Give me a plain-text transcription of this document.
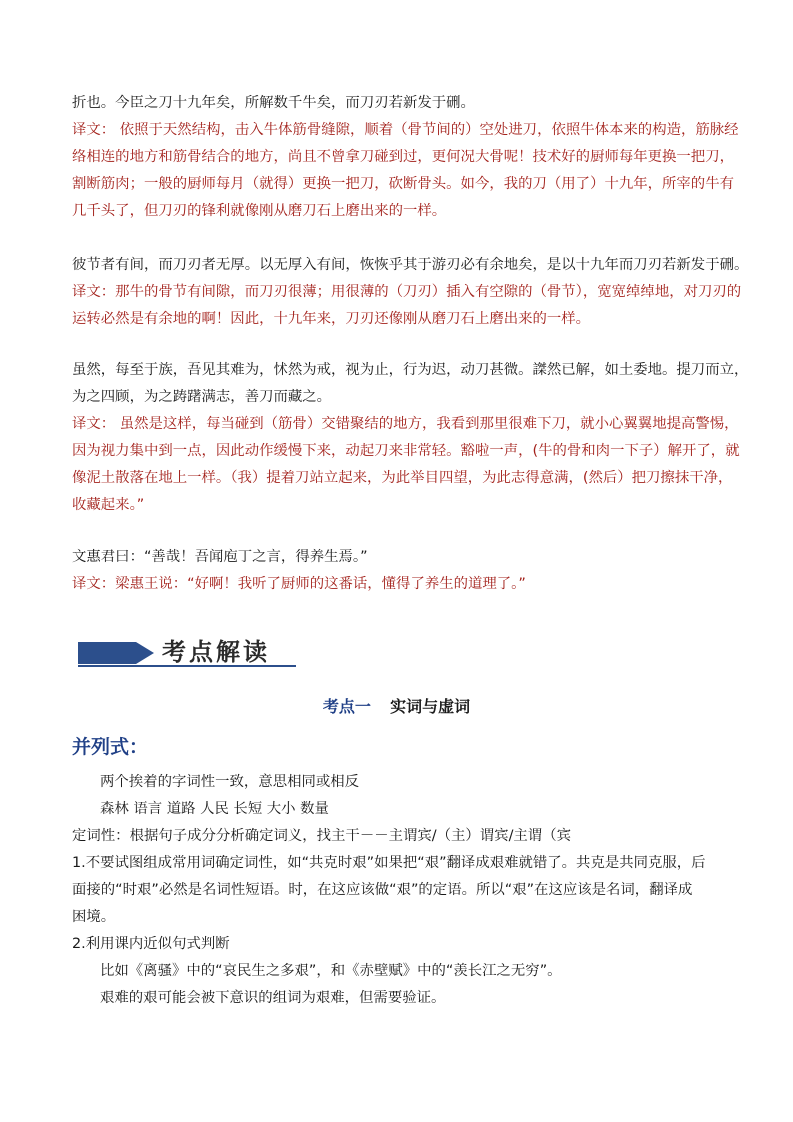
折也。今臣之刀十九年矣，所解数千牛矣，而刀刃若新发于硎。
译文： 依照于天然结构，击入牛体筋骨缝隙，顺着（骨节间的）空处进刀，依照牛体本来的构造，筋脉经
络相连的地方和筋骨结合的地方，尚且不曾拿刀碰到过，更何况大骨呢！技术好的厨师每年更换一把刀，
割断筋肉；一般的厨师每月（就得）更换一把刀，砍断骨头。如今，我的刀（用了）十九年，所宰的牛有
几千头了，但刀刃的锋利就像刚从磨刀石上磨出来的一样。
彼节者有间，而刀刃者无厚。以无厚入有间，恢恢乎其于游刃必有余地矣，是以十九年而刀刃若新发于硎。
译文：那牛的骨节有间隙，而刀刃很薄；用很薄的（刀刃）插入有空隙的（骨节），宽宽绰绰地，对刀刃的
运转必然是有余地的啊！因此，十九年来，刀刃还像刚从磨刀石上磨出来的一样。
虽然，每至于族，吾见其难为，怵然为戒，视为止，行为迟，动刀甚微。謋然已解，如土委地。提刀而立，
为之四顾，为之踌躇满志，善刀而藏之。
译文： 虽然是这样，每当碰到（筋骨）交错聚结的地方，我看到那里很难下刀，就小心翼翼地提高警惕，
因为视力集中到一点，因此动作缓慢下来，动起刀来非常轻。豁啦一声，(牛的骨和肉一下子）解开了，就
像泥土散落在地上一样。（我）提着刀站立起来，为此举目四望，为此志得意满，(然后）把刀擦抹干净，
收藏起来。”
文惠君曰：“善哉！吾闻庖丁之言，得养生焉。”
译文：梁惠王说：“好啊！我听了厨师的这番话，懂得了养生的道理了。”
考点解读
考点一 实词与虚词
并列式：
两个挨着的字词性一致，意思相同或相反
森林 语言 道路 人民 长短 大小 数量
定词性：根据句子成分分析确定词义，找主干－－主谓宾/（主）谓宾/主谓（宾
1.不要试图组成常用词确定词性，如“共克时艰”如果把“艰”翻译成艰难就错了。共克是共同克服，后
面接的“时艰”必然是名词性短语。时，在这应该做“艰”的定语。所以“艰”在这应该是名词，翻译成
困境。
2.利用课内近似句式判断
比如《离骚》中的“哀民生之多艰”，和《赤壁赋》中的“羡长江之无穷”。
艰难的艰可能会被下意识的组词为艰难，但需要验证。
